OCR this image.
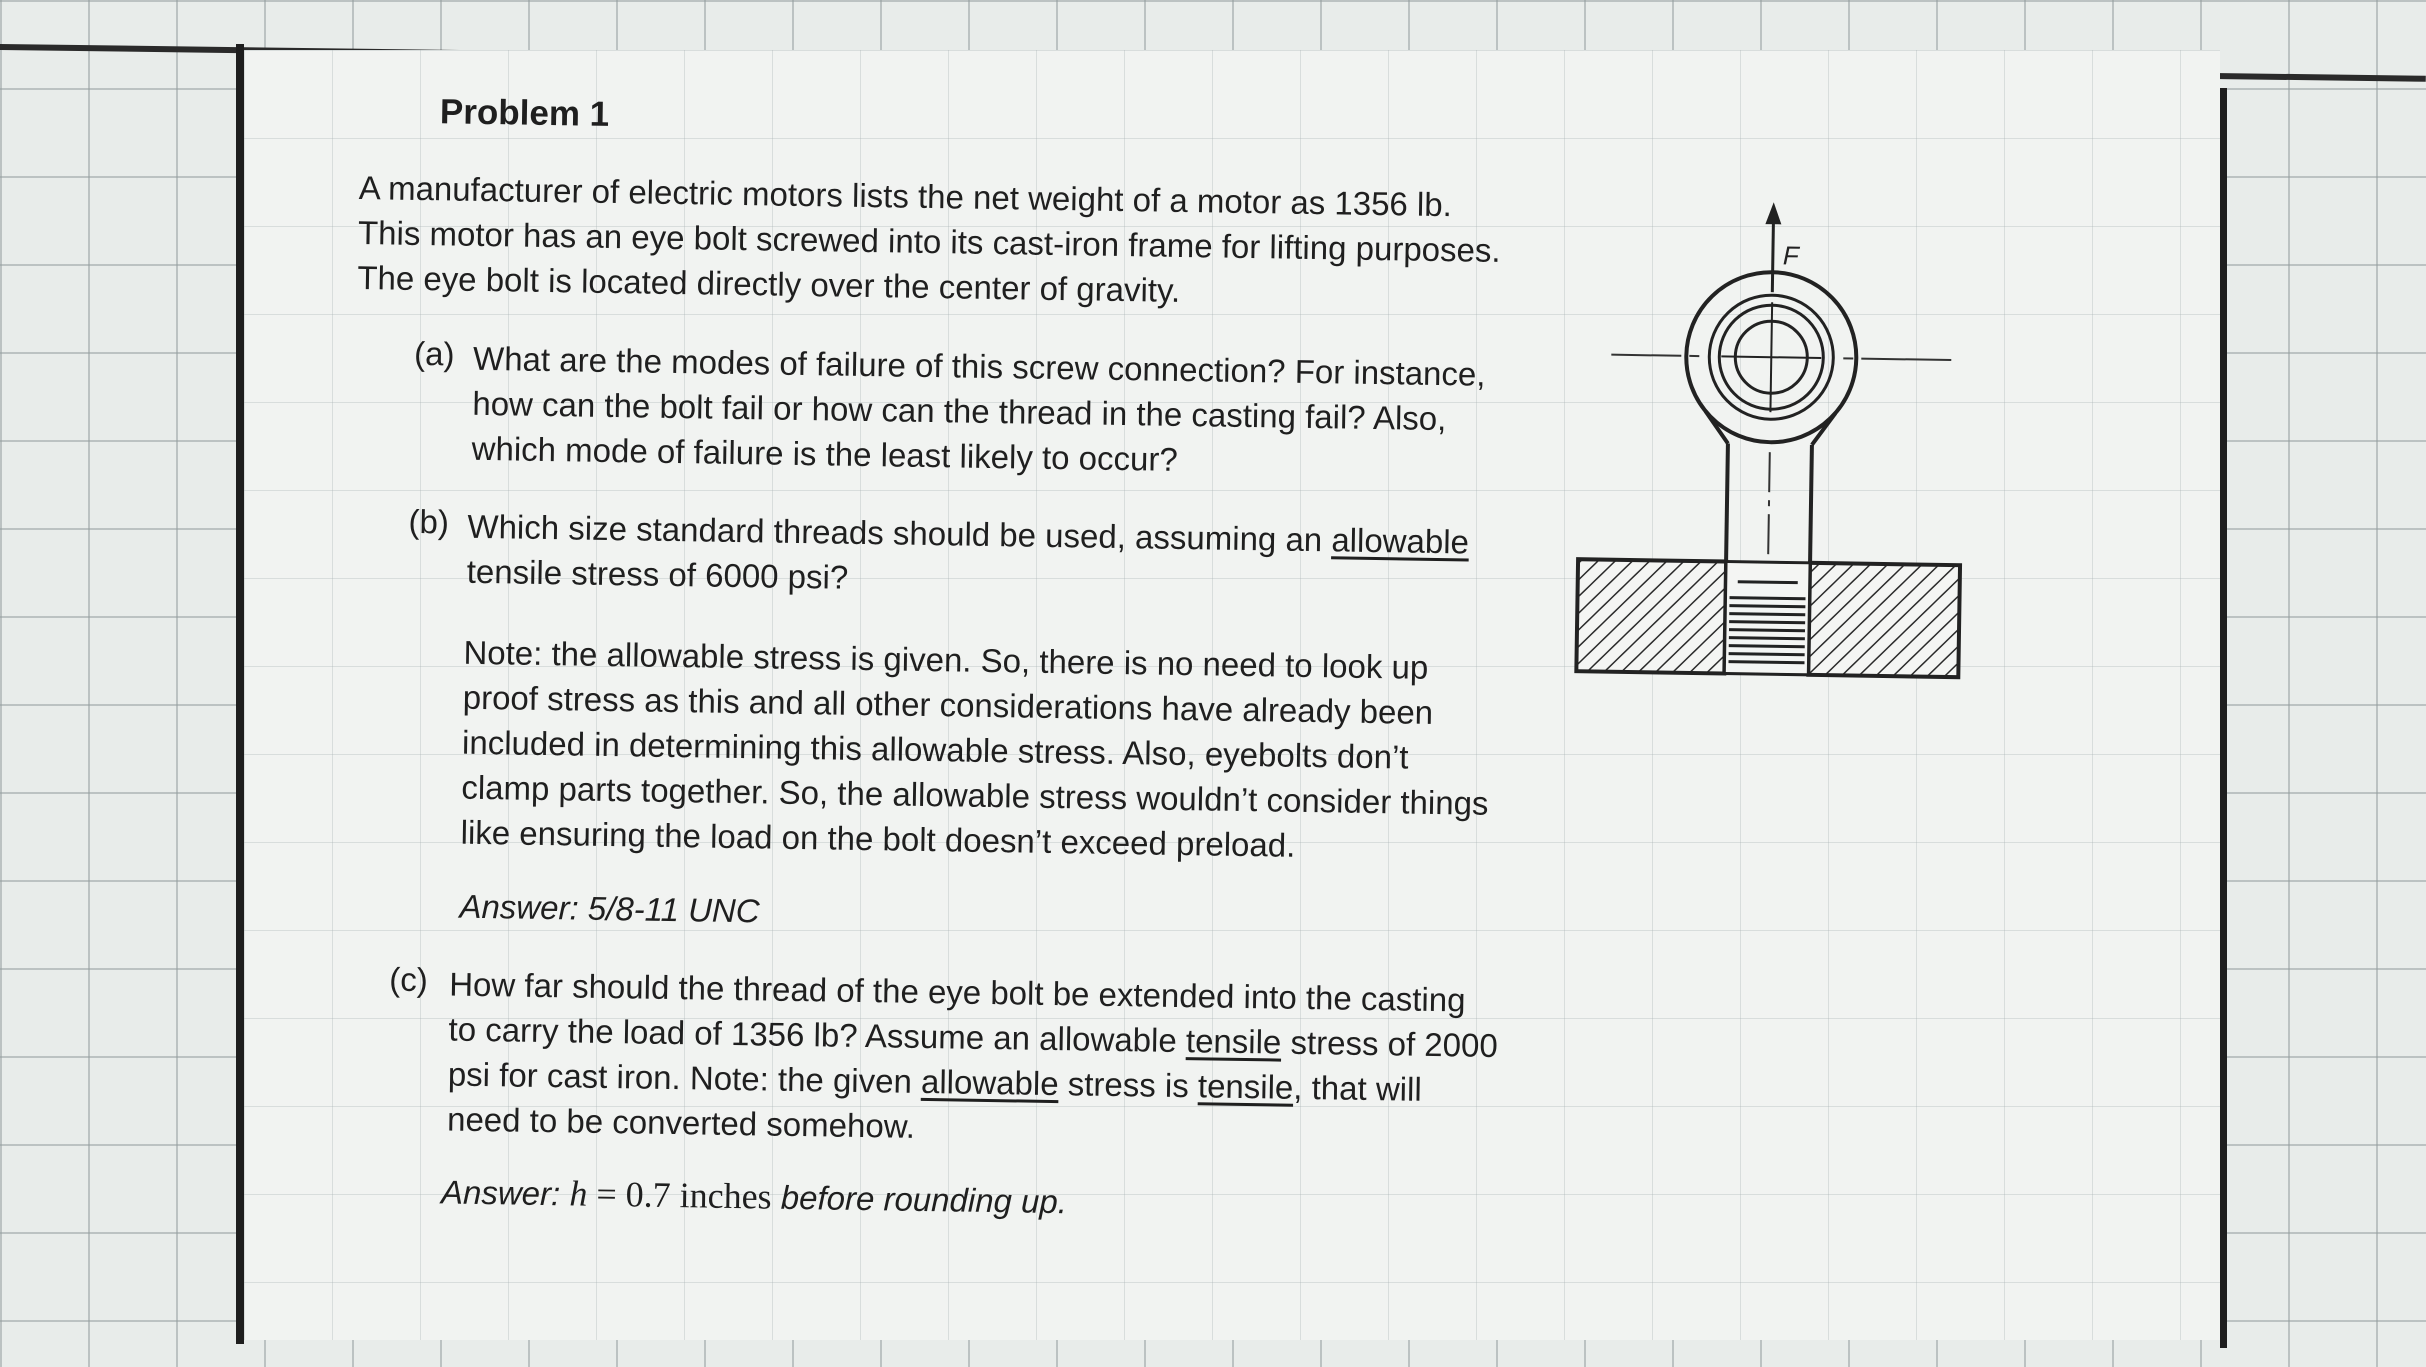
Problem 1
A manufacturer of electric motors lists the net weight of a motor as 1356 lb.
This motor has an eye bolt screwed into its cast-iron frame for lifting purposes.
The eye bolt is located directly over the center of gravity.
(a) What are the modes of failure of this screw connection? For instance,
how can the bolt fail or how can the thread in the casting fail? Also,
which mode of failure is the least likely to occur?
(b) Which size standard threads should be used, assuming an allowable
tensile stress of 6000 psi?
Note: the allowable stress is given. So, there is no need to look up
proof stress as this and all other considerations have already been
included in determining this allowable stress. Also, eyebolts don’t
clamp parts together. So, the allowable stress wouldn’t consider things
like ensuring the load on the bolt doesn’t exceed preload.
Answer: 5/8-11 UNC
(c) How far should the thread of the eye bolt be extended into the casting
to carry the load of 1356 lb? Assume an allowable tensile stress of 2000
psi for cast iron. Note: the given allowable stress is tensile, that will
need to be converted somehow.
Answer: h = 0.7 inches before rounding up.
F
